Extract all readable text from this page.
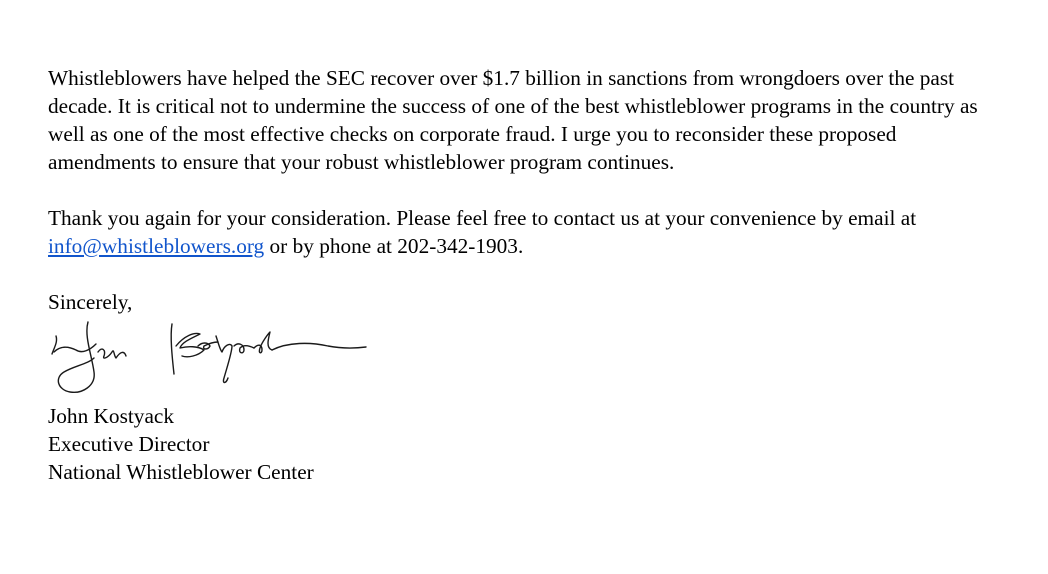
Whistleblowers have helped the SEC recover over $1.7 billion in sanctions from wrongdoers over the past decade. It is critical not to undermine the success of one of the best whistleblower programs in the country as well as one of the most effective checks on corporate fraud. I urge you to reconsider these proposed amendments to ensure that your robust whistleblower program continues.

Thank you again for your consideration. Please feel free to contact us at your convenience by email at info@whistleblowers.org or by phone at 202-342-1903.

Sincerely,
John Kostyack
Executive Director
National Whistleblower Center
